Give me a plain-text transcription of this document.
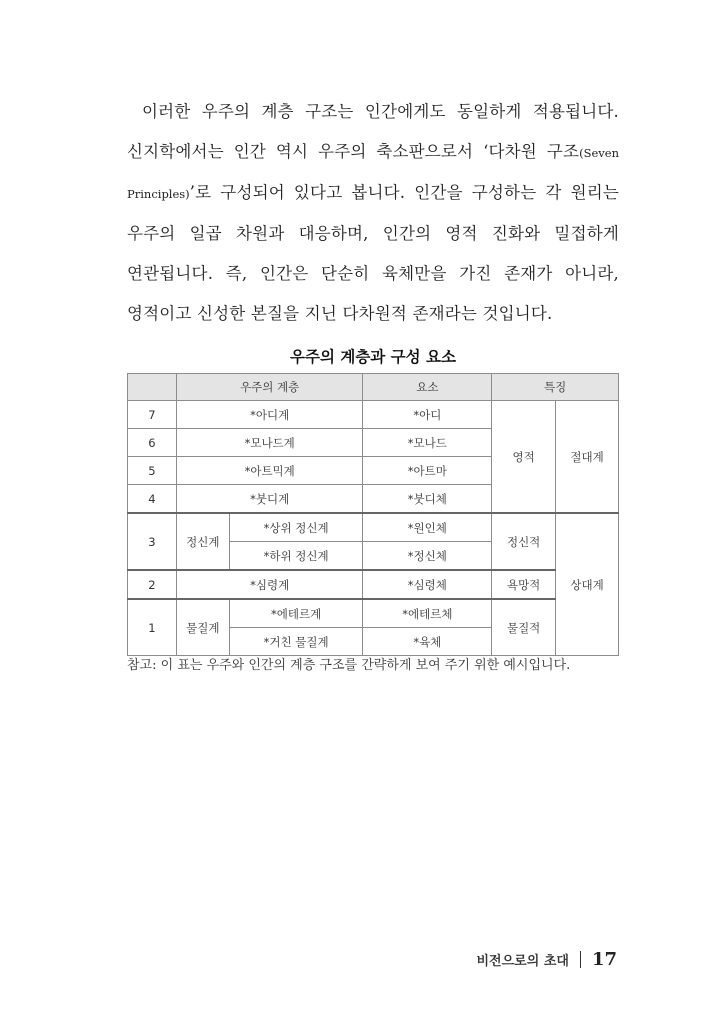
이러한 우주의 계층 구조는 인간에게도 동일하게 적용됩니다. 신지학에서는 인간 역시 우주의 축소판으로서 ‘다차원 구조(Seven Principles)’로 구성되어 있다고 봅니다. 인간을 구성하는 각 원리는 우주의 일곱 차원과 대응하며, 인간의 영적 진화와 밀접하게 연관됩니다. 즉, 인간은 단순히 육체만을 가진 존재가 아니라, 영적이고 신성한 본질을 지닌 다차원적 존재라는 것입니다.

우주의 계층과 구성 요소
	우주의 계층		요소	특징	
7	*아디계		*아디	영적	절대계
6	*모나드계		*모나드		
5	*아트믹계		*아트마		
4	*붓디계		*붓디체		
3	정신계	*상위 정신계	*원인체	정신적	상대계
		*하위 정신계	*정신체		
2	*심령계		*심령체	욕망적	
1	물질계	*에테르계	*에테르체	물질적	
		*거친 물질계	*육체		

참고: 이 표는 우주와 인간의 계층 구조를 간략하게 보여 주기 위한 예시입니다.

비전으로의 초대 17
